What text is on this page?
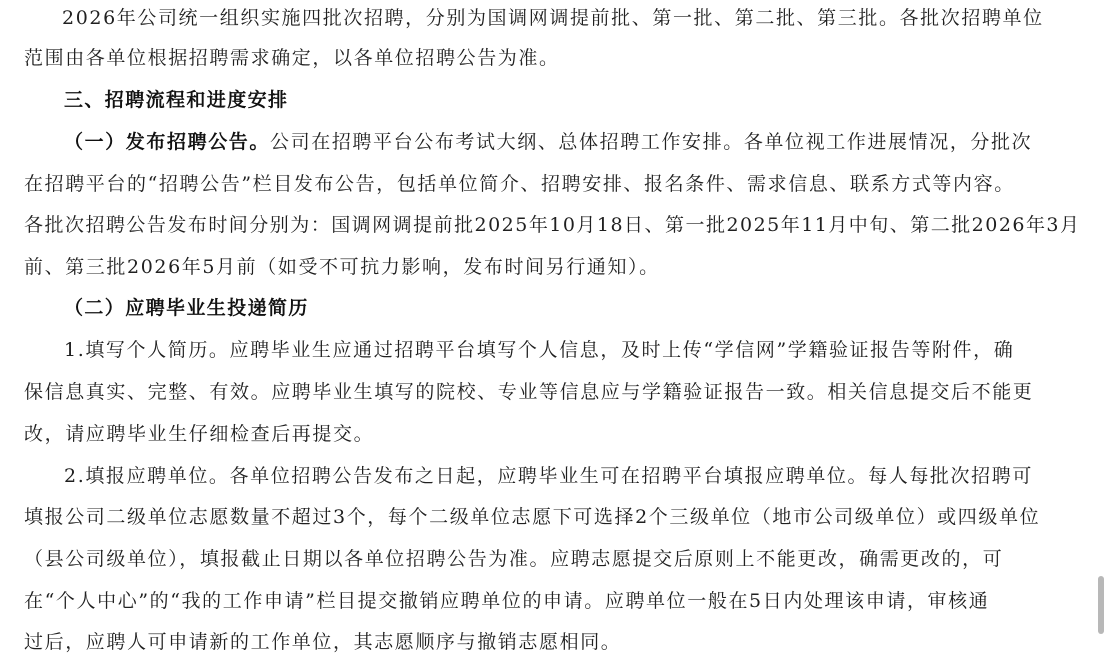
2026年公司统一组织实施四批次招聘，分别为国调网调提前批、第一批、第二批、第三批。各批次招聘单位
范围由各单位根据招聘需求确定，以各单位招聘公告为准。
三、招聘流程和进度安排
（一）发布招聘公告。公司在招聘平台公布考试大纲、总体招聘工作安排。各单位视工作进展情况，分批次
在招聘平台的“招聘公告”栏目发布公告，包括单位简介、招聘安排、报名条件、需求信息、联系方式等内容。
各批次招聘公告发布时间分别为：国调网调提前批2025年10月18日、第一批2025年11月中旬、第二批2026年3月
前、第三批2026年5月前（如受不可抗力影响，发布时间另行通知）。
（二）应聘毕业生投递简历
1.填写个人简历。应聘毕业生应通过招聘平台填写个人信息，及时上传“学信网”学籍验证报告等附件，确
保信息真实、完整、有效。应聘毕业生填写的院校、专业等信息应与学籍验证报告一致。相关信息提交后不能更
改，请应聘毕业生仔细检查后再提交。
2.填报应聘单位。各单位招聘公告发布之日起，应聘毕业生可在招聘平台填报应聘单位。每人每批次招聘可
填报公司二级单位志愿数量不超过3个，每个二级单位志愿下可选择2个三级单位（地市公司级单位）或四级单位
（县公司级单位），填报截止日期以各单位招聘公告为准。应聘志愿提交后原则上不能更改，确需更改的，可
在“个人中心”的“我的工作申请”栏目提交撤销应聘单位的申请。应聘单位一般在5日内处理该申请，审核通
过后，应聘人可申请新的工作单位，其志愿顺序与撤销志愿相同。
